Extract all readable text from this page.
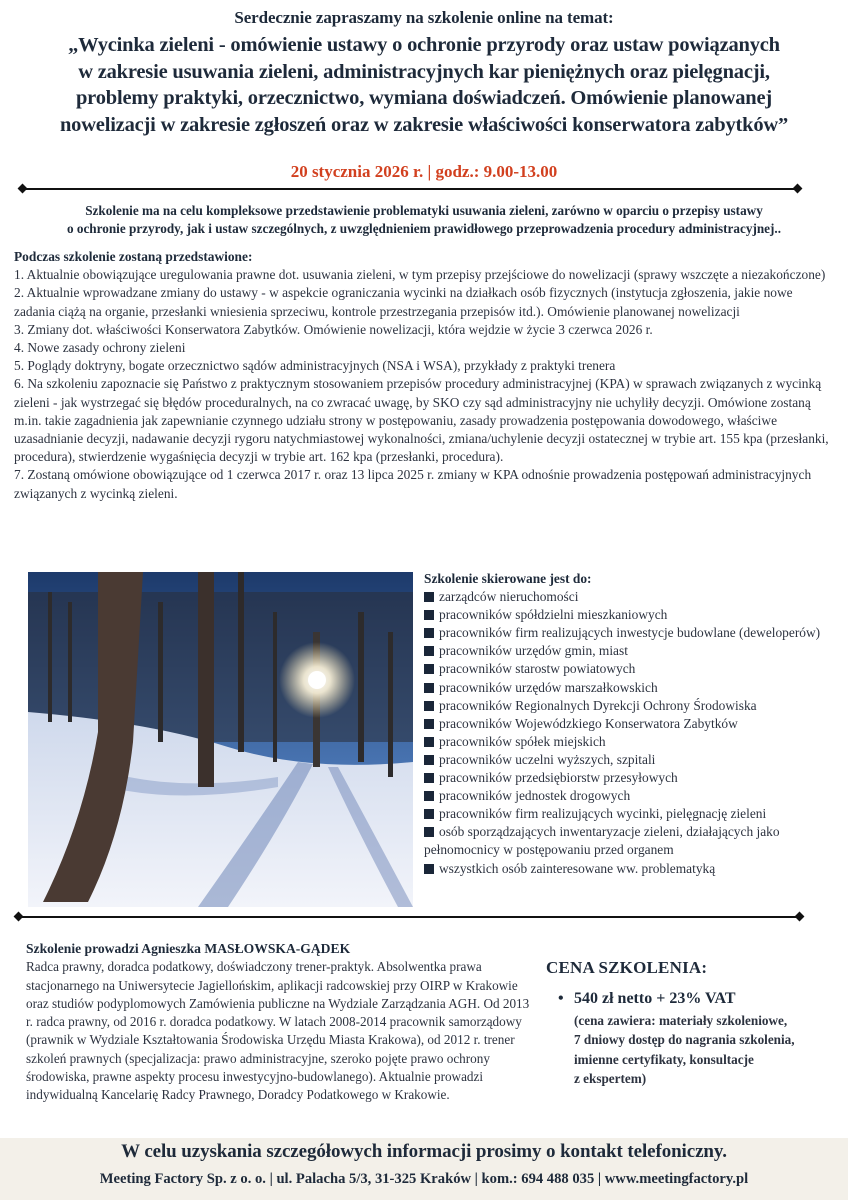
Serdecznie zapraszamy na szkolenie online na temat:
„Wycinka zieleni - omówienie ustawy o ochronie przyrody oraz ustaw powiązanych
w zakresie usuwania zieleni, administracyjnych kar pieniężnych oraz pielęgnacji,
problemy praktyki, orzecznictwo, wymiana doświadczeń. Omówienie planowanej
nowelizacji w zakresie zgłoszeń oraz w zakresie właściwości konserwatora zabytków”
20 stycznia 2026 r. | godz.: 9.00-13.00
Szkolenie ma na celu kompleksowe przedstawienie problematyki usuwania zieleni, zarówno w oparciu o przepisy ustawy
o ochronie przyrody, jak i ustaw szczególnych, z uwzględnieniem prawidłowego przeprowadzenia procedury administracyjnej..

Podczas szkolenie zostaną przedstawione:

1. Aktualnie obowiązujące uregulowania prawne dot. usuwania zieleni, w tym przepisy przejściowe do nowelizacji (sprawy wszczęte a niezakończone)

2. Aktualnie wprowadzane zmiany do ustawy - w aspekcie ograniczania wycinki na działkach osób fizycznych (instytucja zgłoszenia, jakie nowe zadania ciążą na organie, przesłanki wniesienia sprzeciwu, kontrole przestrzegania przepisów itd.). Omówienie planowanej nowelizacji

3. Zmiany dot. właściwości Konserwatora Zabytków. Omówienie nowelizacji, która wejdzie w życie 3 czerwca 2026 r.

4. Nowe zasady ochrony zieleni

5. Poglądy doktryny, bogate orzecznictwo sądów administracyjnych (NSA i WSA), przykłady z praktyki trenera

6. Na szkoleniu zapoznacie się Państwo z praktycznym stosowaniem przepisów procedury administracyjnej (KPA) w sprawach związanych z wycinką zieleni - jak wystrzegać się błędów proceduralnych, na co zwracać uwagę, by SKO czy sąd administracyjny nie uchyliły decyzji. Omówione zostaną m.in. takie zagadnienia jak zapewnianie czynnego udziału strony w postępowaniu, zasady prowadzenia postępowania dowodowego, właściwe uzasadnianie decyzji, nadawanie decyzji rygoru natychmiastowej wykonalności, zmiana/uchylenie decyzji ostatecznej w trybie art. 155 kpa (przesłanki, procedura), stwierdzenie wygaśnięcia decyzji w trybie art. 162 kpa (przesłanki, procedura).

7. Zostaną omówione obowiązujące od 1 czerwca 2017 r. oraz 13 lipca 2025 r. zmiany w KPA odnośnie prowadzenia postępowań administracyjnych związanych z wycinką zieleni.

Szkolenie skierowane jest do:
zarządców nieruchomości
pracowników spółdzielni mieszkaniowych
pracowników firm realizujących inwestycje budowlane (deweloperów)
pracowników urzędów gmin, miast
pracowników starostw powiatowych
pracowników urzędów marszałkowskich
pracowników Regionalnych Dyrekcji Ochrony Środowiska
pracowników Wojewódzkiego Konserwatora Zabytków
pracowników spółek miejskich
pracowników uczelni wyższych, szpitali
pracowników przedsiębiorstw przesyłowych
pracowników jednostek drogowych
pracowników firm realizujących wycinki, pielęgnację zieleni
osób sporządzających inwentaryzacje zieleni, działających jako pełnomocnicy w postępowaniu przed organem
wszystkich osób zainteresowane ww. problematyką
Szkolenie prowadzi Agnieszka MASŁOWSKA-GĄDEK
Radca prawny, doradca podatkowy, doświadczony trener-praktyk. Absolwentka prawa stacjonarnego na Uniwersytecie Jagiellońskim, aplikacji radcowskiej przy OIRP w Krakowie oraz studiów podyplomowych Zamówienia publiczne na Wydziale Zarządzania AGH. Od 2013 r. radca prawny, od 2016 r. doradca podatkowy. W latach 2008-2014 pracownik samorządowy (prawnik w Wydziale Kształtowania Środowiska Urzędu Miasta Krakowa), od 2012 r. trener szkoleń prawnych (specjalizacja: prawo administracyjne, szeroko pojęte prawo ochrony środowiska, prawne aspekty procesu inwestycyjno-budowlanego). Aktualnie prowadzi indywidualną Kancelarię Radcy Prawnego, Doradcy Podatkowego w Krakowie.
CENA SZKOLENIA:
• 540 zł netto + 23% VAT
(cena zawiera: materiały szkoleniowe,
7 dniowy dostęp do nagrania szkolenia,
imienne certyfikaty, konsultacje
z ekspertem)
W celu uzyskania szczegółowych informacji prosimy o kontakt telefoniczny.
Meeting Factory Sp. z o. o. | ul. Palacha 5/3, 31-325 Kraków | kom.: 694 488 035 | www.meetingfactory.pl
